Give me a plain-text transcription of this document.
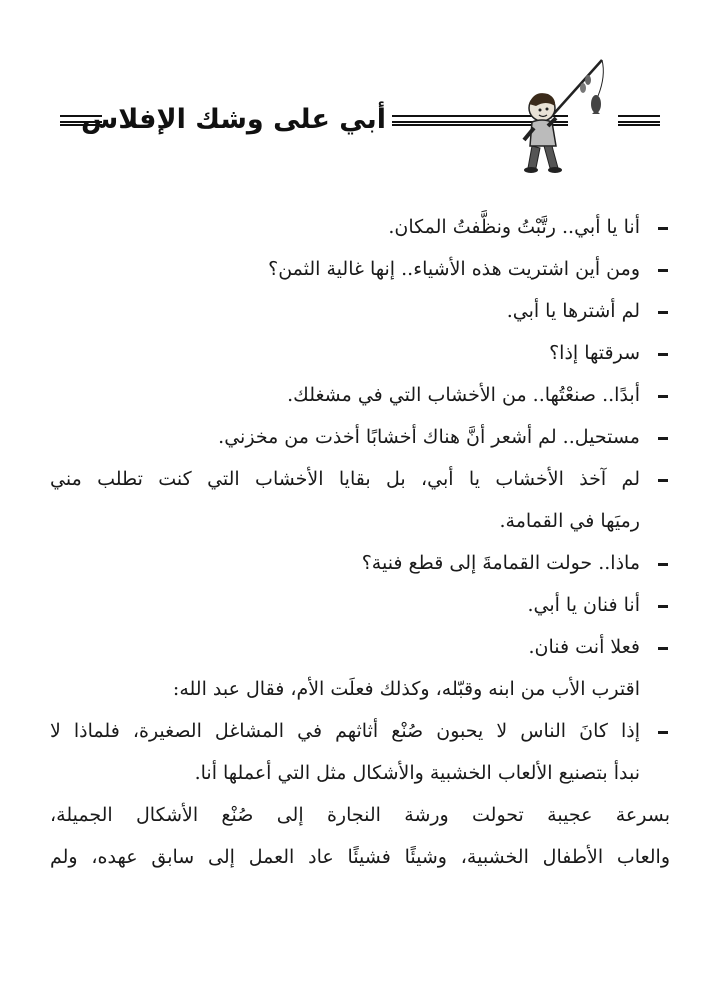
أبي على وشك الإفلاس
أنا يا أبي.. رتَّبْتُ ونظَّفتُ المكان.
ومن أين اشتريت هذه الأشياء.. إنها غالية الثمن؟
لم أشترها يا أبي.
سرقتها إذا؟
أبدًا.. صنعْتُها.. من الأخشاب التي في مشغلك.
مستحيل.. لم أشعر أنَّ هناك أخشابًا أخذت من مخزني.
لم آخذ الأخشاب يا أبي، بل بقايا الأخشاب التي كنت تطلب مني
رميَها في القمامة.
ماذا.. حولت القمامةَ إلى قطع فنية؟
أنا فنان يا أبي.
فعلا أنت فنان.
اقترب الأب من ابنه وقبّله، وكذلك فعلَت الأم، فقال عبد الله:
إذا كانَ الناس لا يحبون صُنْع أثاثهم في المشاغل الصغيرة، فلماذا لا
نبدأ بتصنيع الألعاب الخشبية والأشكال مثل التي أعملها أنا.
بسرعة عجيبة تحولت ورشة النجارة إلى صُنْع الأشكال الجميلة،
والعاب الأطفال الخشبية، وشيئًا فشيئًا عاد العمل إلى سابق عهده، ولم
